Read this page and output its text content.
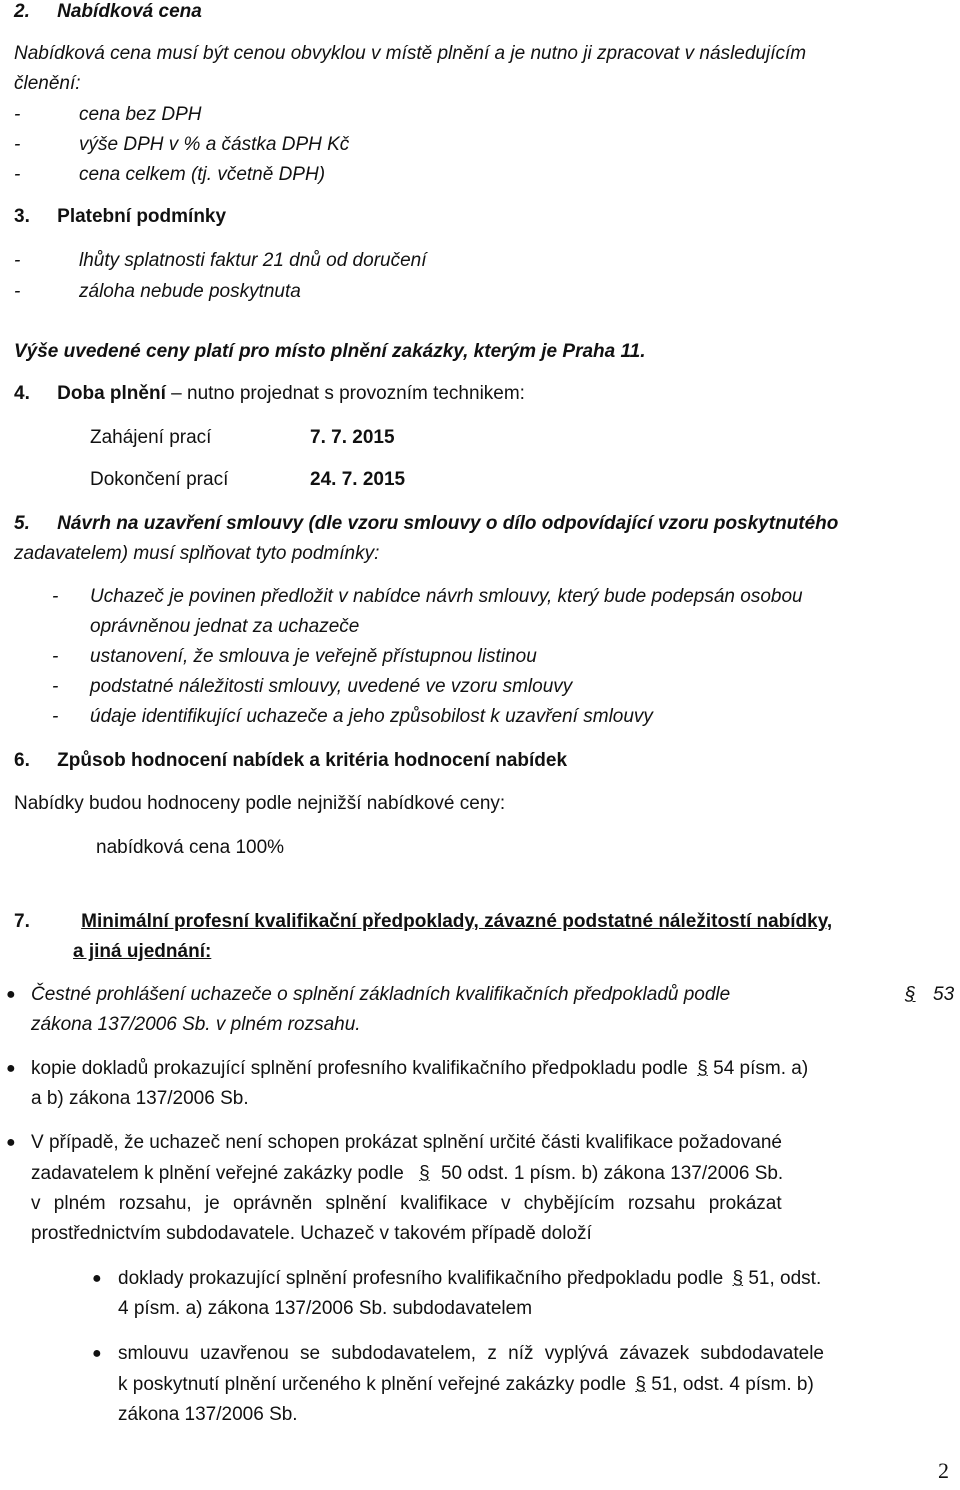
2. Nabídková cena
Nabídková cena musí být cenou obvyklou v místě plnění a je nutno ji zpracovat v následujícím
členění:
-	cena bez DPH
-	výše DPH v % a částka DPH Kč
-	cena celkem (tj. včetně DPH)
3. Platební podmínky
-	lhůty splatnosti faktur 21 dnů od doručení
-	záloha nebude poskytnuta
Výše uvedené ceny platí pro místo plnění zakázky, kterým je Praha 11.
4. Doba plnění – nutno projednat s provozním technikem:
Zahájení prací	7. 7. 2015
Dokončení prací	24. 7. 2015
5. Návrh na uzavření smlouvy (dle vzoru smlouvy o dílo odpovídající vzoru poskytnutého
zadavatelem) musí splňovat tyto podmínky:
- Uchazeč je povinen předložit v nabídce návrh smlouvy, který bude podepsán osobou
oprávněnou jednat za uchazeče
- ustanovení, že smlouva je veřejně přístupnou listinou
- podstatné náležitosti smlouvy, uvedené ve vzoru smlouvy
- údaje identifikující uchazeče a jeho způsobilost k uzavření smlouvy
6. Způsob hodnocení nabídek a kritéria hodnocení nabídek
Nabídky budou hodnoceny podle nejnižší nabídkové ceny:
nabídková cena 100%
7.	Minimální profesní kvalifikační předpoklady, závazné podstatné náležitostí nabídky,
a jiná ujednání:
● Čestné prohlášení uchazeče o splnění základních kvalifikačních předpokladů podle	§ 53
zákona 137/2006 Sb. v plném rozsahu.
● kopie dokladů prokazující splnění profesního kvalifikačního předpokladu podle § 54 písm. a)
a b) zákona 137/2006 Sb.
● V případě, že uchazeč není schopen prokázat splnění určité části kvalifikace požadované
zadavatelem k plnění veřejné zakázky podle § 50 odst. 1 písm. b) zákona 137/2006 Sb.
v plném rozsahu, je oprávněn splnění kvalifikace v chybějícím rozsahu prokázat
prostřednictvím subdodavatele. Uchazeč v takovém případě doloží
● doklady prokazující splnění profesního kvalifikačního předpokladu podle § 51, odst.
4 písm. a) zákona 137/2006 Sb. subdodavatelem
● smlouvu uzavřenou se subdodavatelem, z níž vyplývá závazek subdodavatele
k poskytnutí plnění určeného k plnění veřejné zakázky podle § 51, odst. 4 písm. b)
zákona 137/2006 Sb.
2
